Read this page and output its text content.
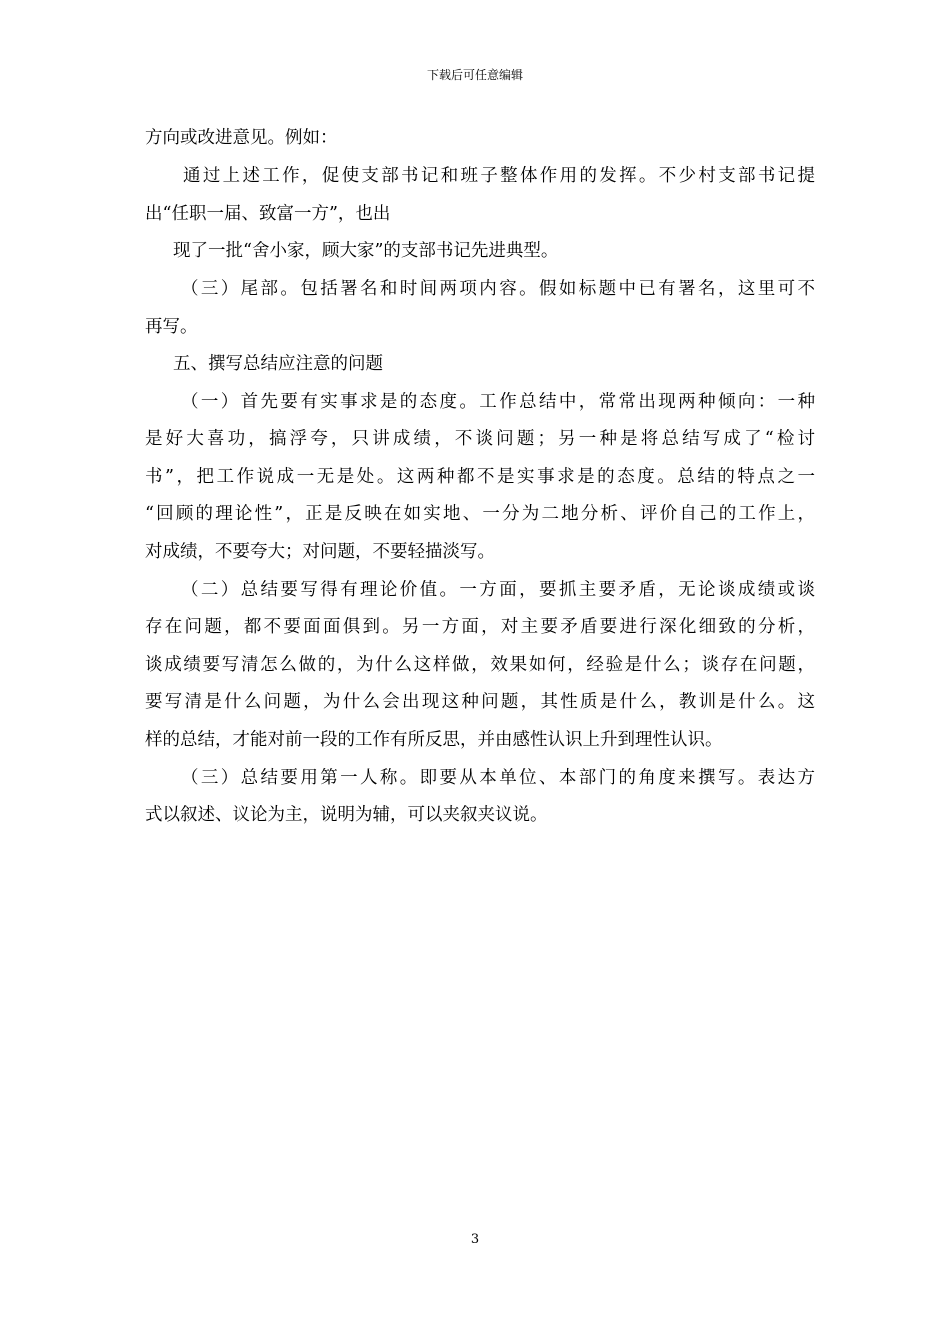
下载后可任意编辑
方向或改进意见。例如：
通过上述工作，促使支部书记和班子整体作用的发挥。不少村支部书记提
出“任职一届、致富一方”，也出
现了一批“舍小家，顾大家”的支部书记先进典型。
（三）尾部。包括署名和时间两项内容。假如标题中已有署名，这里可不
再写。
五、撰写总结应注意的问题
（一）首先要有实事求是的态度。工作总结中，常常出现两种倾向：一种
是好大喜功，搞浮夸，只讲成绩，不谈问题；另一种是将总结写成了“检讨
书”，把工作说成一无是处。这两种都不是实事求是的态度。总结的特点之一
“回顾的理论性”，正是反映在如实地、一分为二地分析、评价自己的工作上，
对成绩，不要夸大；对问题，不要轻描淡写。
（二）总结要写得有理论价值。一方面，要抓主要矛盾，无论谈成绩或谈
存在问题，都不要面面俱到。另一方面，对主要矛盾要进行深化细致的分析，
谈成绩要写清怎么做的，为什么这样做，效果如何，经验是什么；谈存在问题，
要写清是什么问题，为什么会出现这种问题，其性质是什么，教训是什么。这
样的总结，才能对前一段的工作有所反思，并由感性认识上升到理性认识。
（三）总结要用第一人称。即要从本单位、本部门的角度来撰写。表达方
式以叙述、议论为主，说明为辅，可以夹叙夹议说。
3
